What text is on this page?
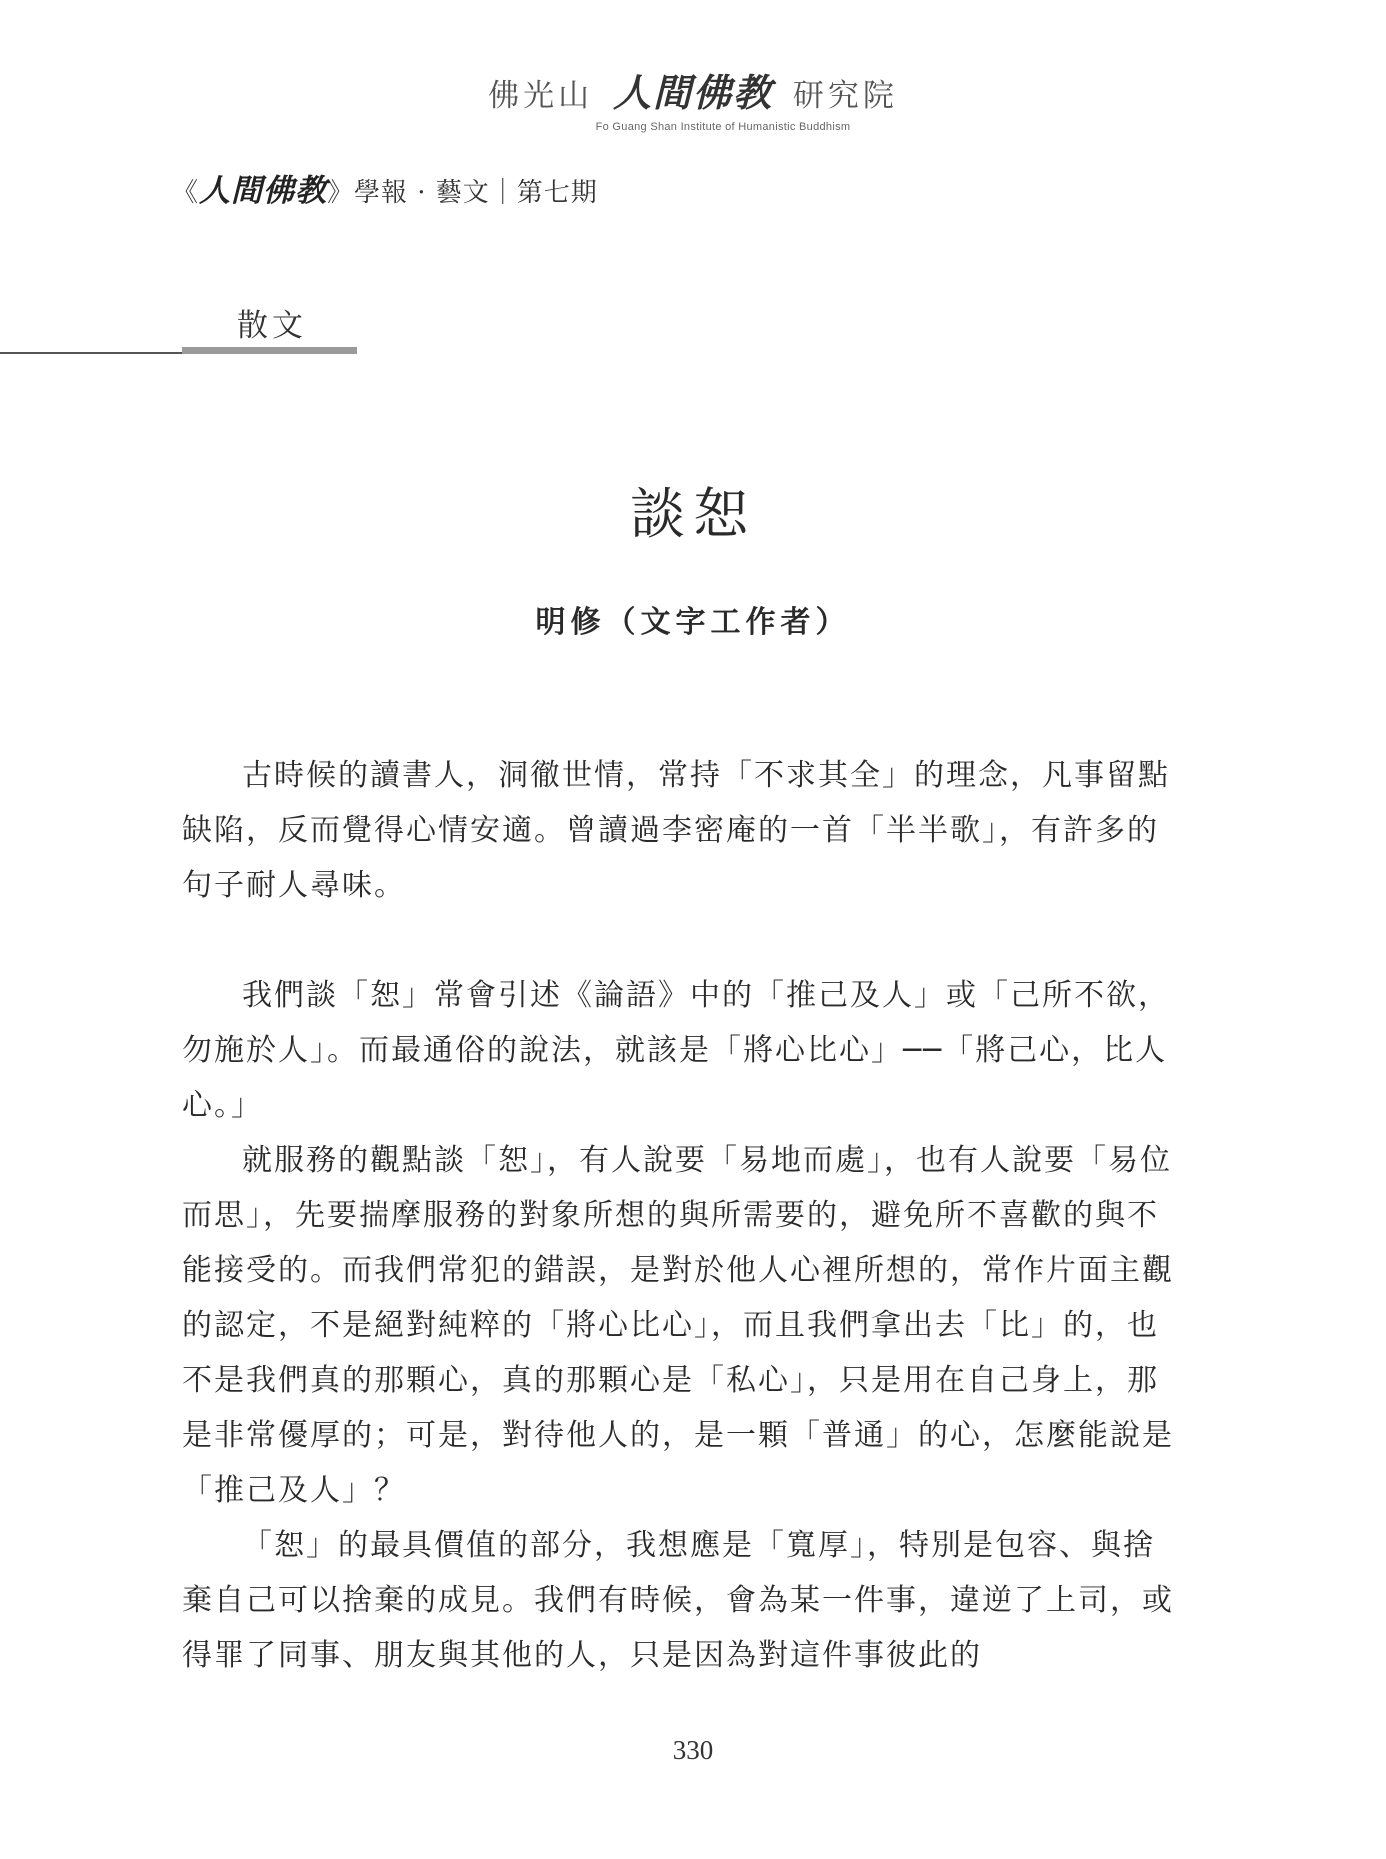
佛光山 人間佛教 研究院
Fo Guang Shan Institute of Humanistic Buddhism
《人間佛教》學報 · 藝文｜第七期
散文
談恕
明修（文字工作者）

古時候的讀書人，洞徹世情，常持「不求其全」的理念，凡事留點缺陷，反而覺得心情安適。曾讀過李密庵的一首「半半歌」，有許多的句子耐人尋味。

我們談「恕」常會引述《論語》中的「推己及人」或「己所不欲，勿施於人」。而最通俗的說法，就該是「將心比心」──「將己心，比人心。」

就服務的觀點談「恕」，有人說要「易地而處」，也有人說要「易位而思」，先要揣摩服務的對象所想的與所需要的，避免所不喜歡的與不能接受的。而我們常犯的錯誤，是對於他人心裡所想的，常作片面主觀的認定，不是絕對純粹的「將心比心」，而且我們拿出去「比」的，也不是我們真的那顆心，真的那顆心是「私心」，只是用在自己身上，那是非常優厚的；可是，對待他人的，是一顆「普通」的心，怎麼能說是「推己及人」？

「恕」的最具價值的部分，我想應是「寬厚」，特別是包容、與捨棄自己可以捨棄的成見。我們有時候，會為某一件事，違逆了上司，或得罪了同事、朋友與其他的人，只是因為對這件事彼此的

330
